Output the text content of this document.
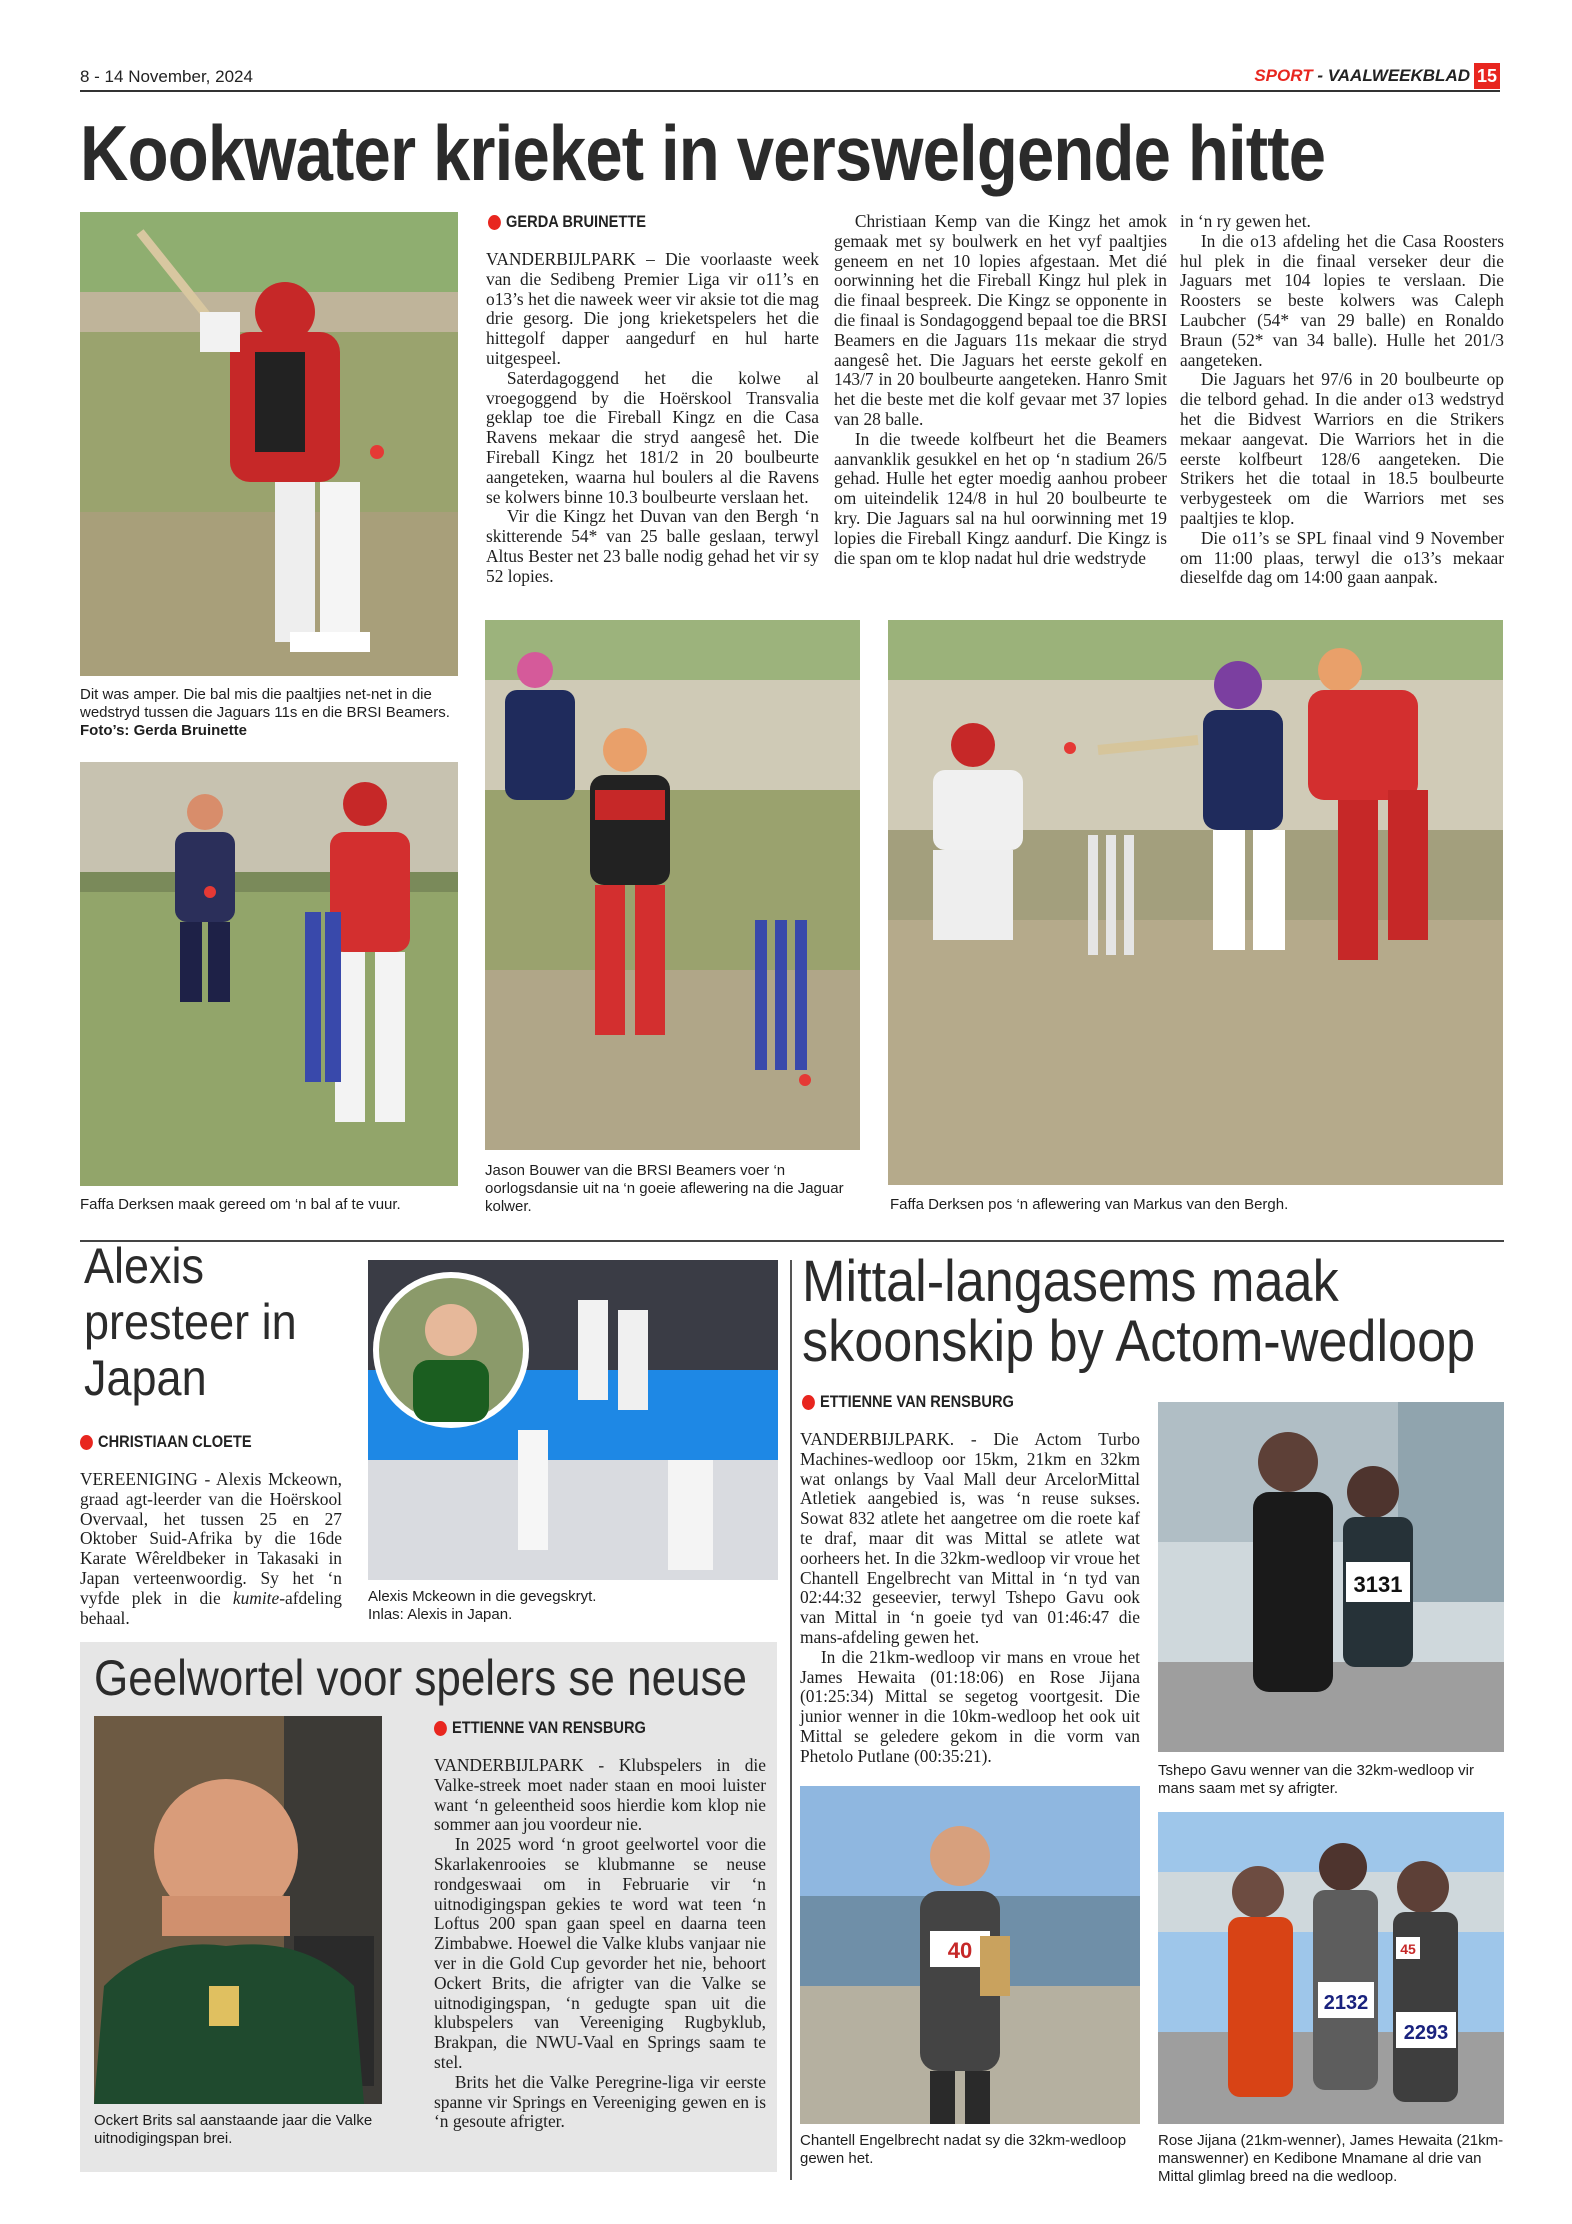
8 - 14 November, 2024	SPORT - VAALWEEKBLAD 15
Kookwater krieket in verswelgende hitte
Dit was amper. Die bal mis die paaltjies net-net in die wedstryd tussen die Jaguars 11s en die BRSI Beamers. Foto’s: Gerda Bruinette
Faffa Derksen maak gereed om ‘n bal af te vuur.
GERDA BRUINETTE

VANDERBIJLPARK – Die voorlaaste week van die Sedibeng Premier Liga vir o11’s en o13’s het die naweek weer vir aksie tot die mag drie gesorg. Die jong krieketspelers het die hittegolf dapper aangedurf en hul harte uitgespeel.

Saterdagoggend het die kolwe al vroegoggend by die Hoërskool Transvalia geklap toe die Fireball Kingz en die Casa Ravens mekaar die stryd aangesê het. Die Fireball Kingz het 181/2 in 20 boulbeurte aangeteken, waarna hul boulers al die Ravens se kolwers binne 10.3 boulbeurte verslaan het.

Vir die Kingz het Duvan van den Bergh ‘n skitterende 54* van 25 balle geslaan, terwyl Altus Bester net 23 balle nodig gehad het vir sy 52 lopies.

Christiaan Kemp van die Kingz het amok gemaak met sy boulwerk en het vyf paaltjies geneem en net 10 lopies afgestaan. Met dié oorwinning het die Fireball Kingz hul plek in die finaal bespreek. Die Kingz se opponente in die finaal is Sondagoggend bepaal toe die BRSI Beamers en die Jaguars 11s mekaar die stryd aangesê het. Die Jaguars het eerste gekolf en 143/7 in 20 boulbeurte aangeteken. Hanro Smit het die beste met die kolf gevaar met 37 lopies van 28 balle.

In die tweede kolfbeurt het die Beamers aanvanklik gesukkel en het op ‘n stadium 26/5 gehad. Hulle het egter moedig aanhou probeer om uiteindelik 124/8 in hul 20 boulbeurte te kry. Die Jaguars sal na hul oorwinning met 19 lopies die Fireball Kingz aandurf. Die Kingz is die span om te klop nadat hul drie wedstryde

in ‘n ry gewen het.

In die o13 afdeling het die Casa Roosters hul plek in die finaal verseker deur die Jaguars met 104 lopies te verslaan. Die Roosters se beste kolwers was Caleph Laubcher (54* van 29 balle) en Ronaldo Braun (52* van 34 balle). Hulle het 201/3 aangeteken.

Die Jaguars het 97/6 in 20 boulbeurte op die telbord gehad. In die ander o13 wedstryd het die Bidvest Warriors en die Strikers mekaar aangevat. Die Warriors het in die eerste kolfbeurt 128/6 aangeteken. Die Strikers het die totaal in 18.5 boulbeurte verbygesteek om die Warriors met ses paaltjies te klop.

Die o11’s se SPL finaal vind 9 November om 11:00 plaas, terwyl die o13’s mekaar dieselfde dag om 14:00 gaan aanpak.

Jason Bouwer van die BRSI Beamers voer ‘n oorlogsdansie uit na ‘n goeie aflewering na die Jaguar kolwer.	Faffa Derksen pos ‘n aflewering van Markus van den Bergh.
Alexis
presteer in
Japan
CHRISTIAAN CLOETE

VEREENIGING - Alexis Mckeown, graad agt-leerder van die Hoërskool Overvaal, het tussen 25 en 27 Oktober Suid-Afrika by die 16de Karate Wêreldbeker in Takasaki in Japan verteenwoordig. Sy het ‘n vyfde plek in die kumite-afdeling behaal.

Alexis Mckeown in die gevegskryt.
Inlas: Alexis in Japan.
Geelwortel voor spelers se neuse
Ockert Brits sal aanstaande jaar die Valke uitnodigingspan brei.
ETTIENNE VAN RENSBURG

VANDERBIJLPARK - Klubspelers in die Valke-streek moet nader staan en mooi luister want ‘n geleentheid soos hierdie kom klop nie sommer aan jou voordeur nie.

In 2025 word ‘n groot geelwortel voor die Skarlakenrooies se klubmanne se neuse rondgeswaai om in Februarie vir ‘n uitnodigingspan gekies te word wat teen ‘n Loftus 200 span gaan speel en daarna teen Zimbabwe. Hoewel die Valke klubs vanjaar nie ver in die Gold Cup gevorder het nie, behoort Ockert Brits, die afrigter van die Valke se uitnodigingspan, ‘n gedugte span uit die klubspelers van Vereeniging Rugbyklub, Brakpan, die NWU-Vaal en Springs saam te stel.

Brits het die Valke Peregrine-liga vir eerste spanne vir Springs en Vereeniging gewen en is ‘n gesoute afrigter.

Mittal-langasems maak
skoonskip by Actom-wedloop
ETTIENNE VAN RENSBURG

VANDERBIJLPARK. - Die Actom Turbo Machines-wedloop oor 15km, 21km en 32km wat onlangs by Vaal Mall deur ArcelorMittal Atletiek aangebied is, was ‘n reuse sukses. Sowat 832 atlete het aangetree om die roete kaf te draf, maar dit was Mittal se atlete wat oorheers het. In die 32km-wedloop vir vroue het Chantell Engelbrecht van Mittal in ‘n tyd van 02:44:32 geseevier, terwyl Tshepo Gavu ook van Mittal in ‘n goeie tyd van 01:46:47 die mans-afdeling gewen het.

In die 21km-wedloop vir mans en vroue het James Hewaita (01:18:06) en Rose Jijana (01:25:34) Mittal se segetog voortgesit. Die junior wenner in die 10km-wedloop het ook uit Mittal se geledere gekom in die vorm van Phetolo Putlane (00:35:21).

3131
Tshepo Gavu wenner van die 32km-wedloop vir mans saam met sy afrigter.
40
Chantell Engelbrecht nadat sy die 32km-wedloop gewen het.
2132
45
2293
Rose Jijana (21km-wenner), James Hewaita (21km-manswenner) en Kedibone Mnamane al drie van Mittal glimlag breed na die wedloop.
